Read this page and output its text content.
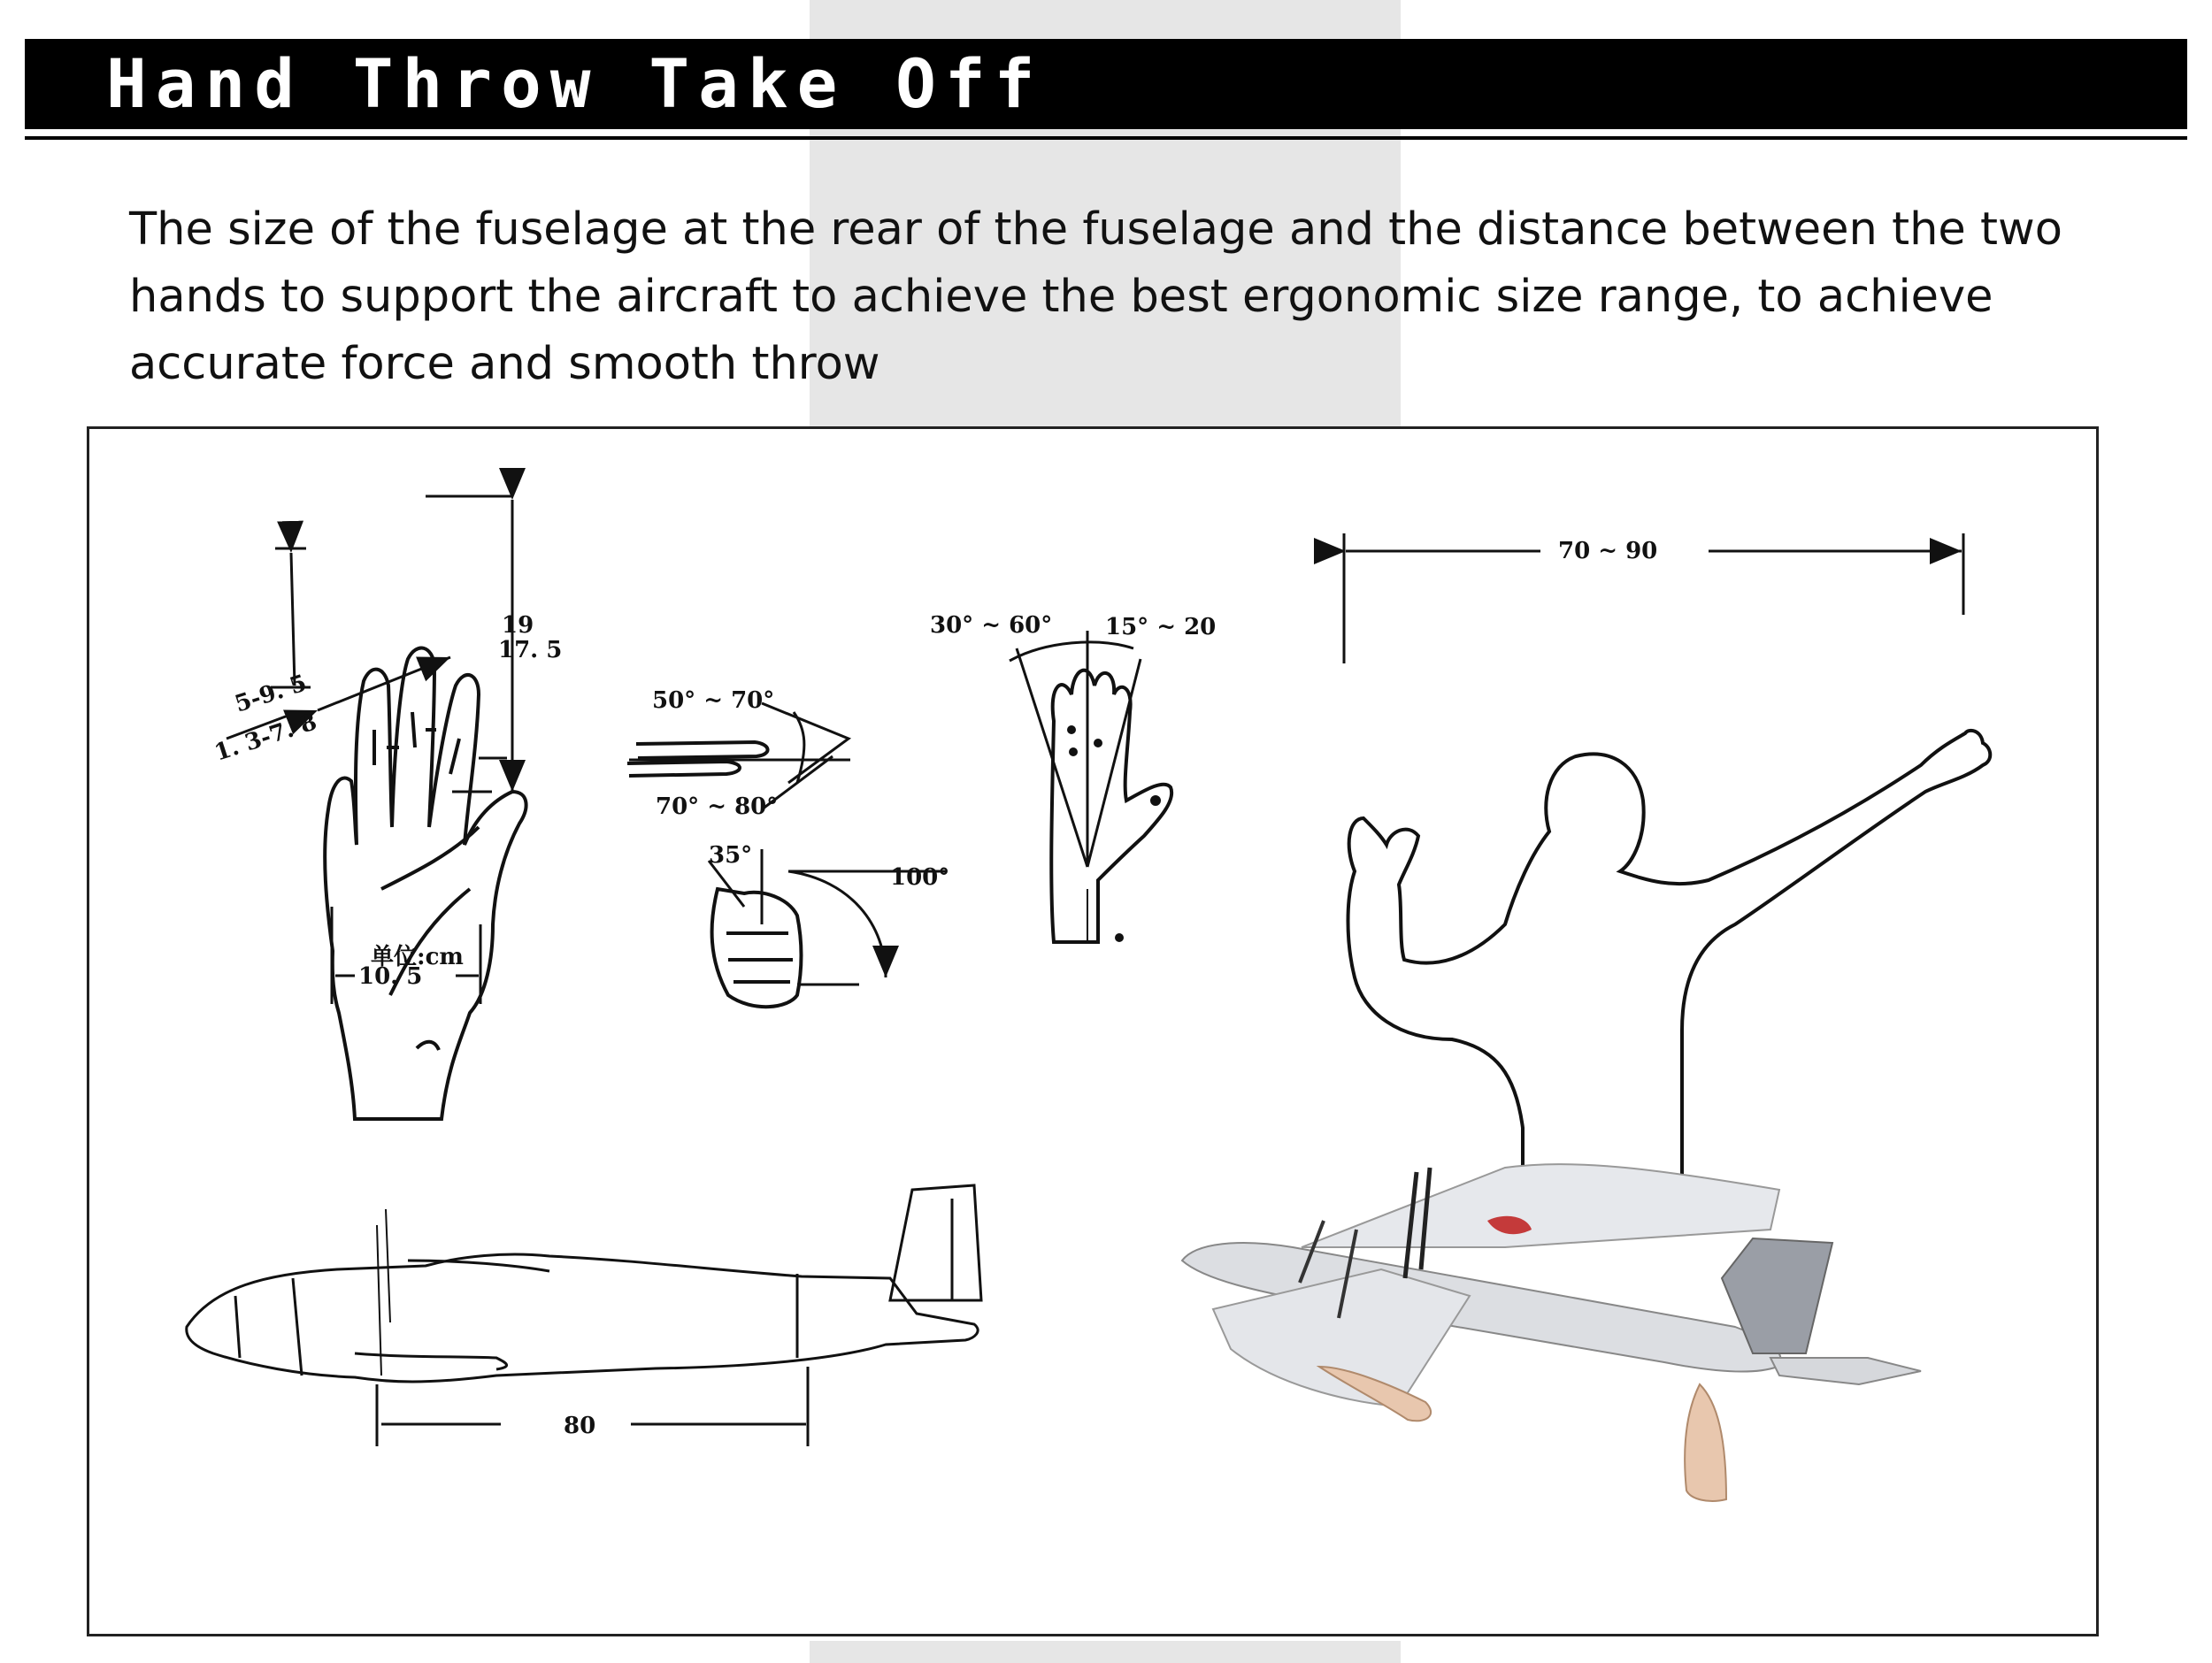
Hand Throw Take Off

The size of the fuselage at the rear of the fuselage and the distance between the two hands to support the aircraft to achieve the best ergonomic size range, to achieve accurate force and smooth throw

19
17. 5
5-9. 5
1. 3-7. 8
10. 5
单位:cm
50° ~ 70°
70° ~ 80°
35°
100°
30° ~ 60° 15° ~ 20
70 ~ 90
80
